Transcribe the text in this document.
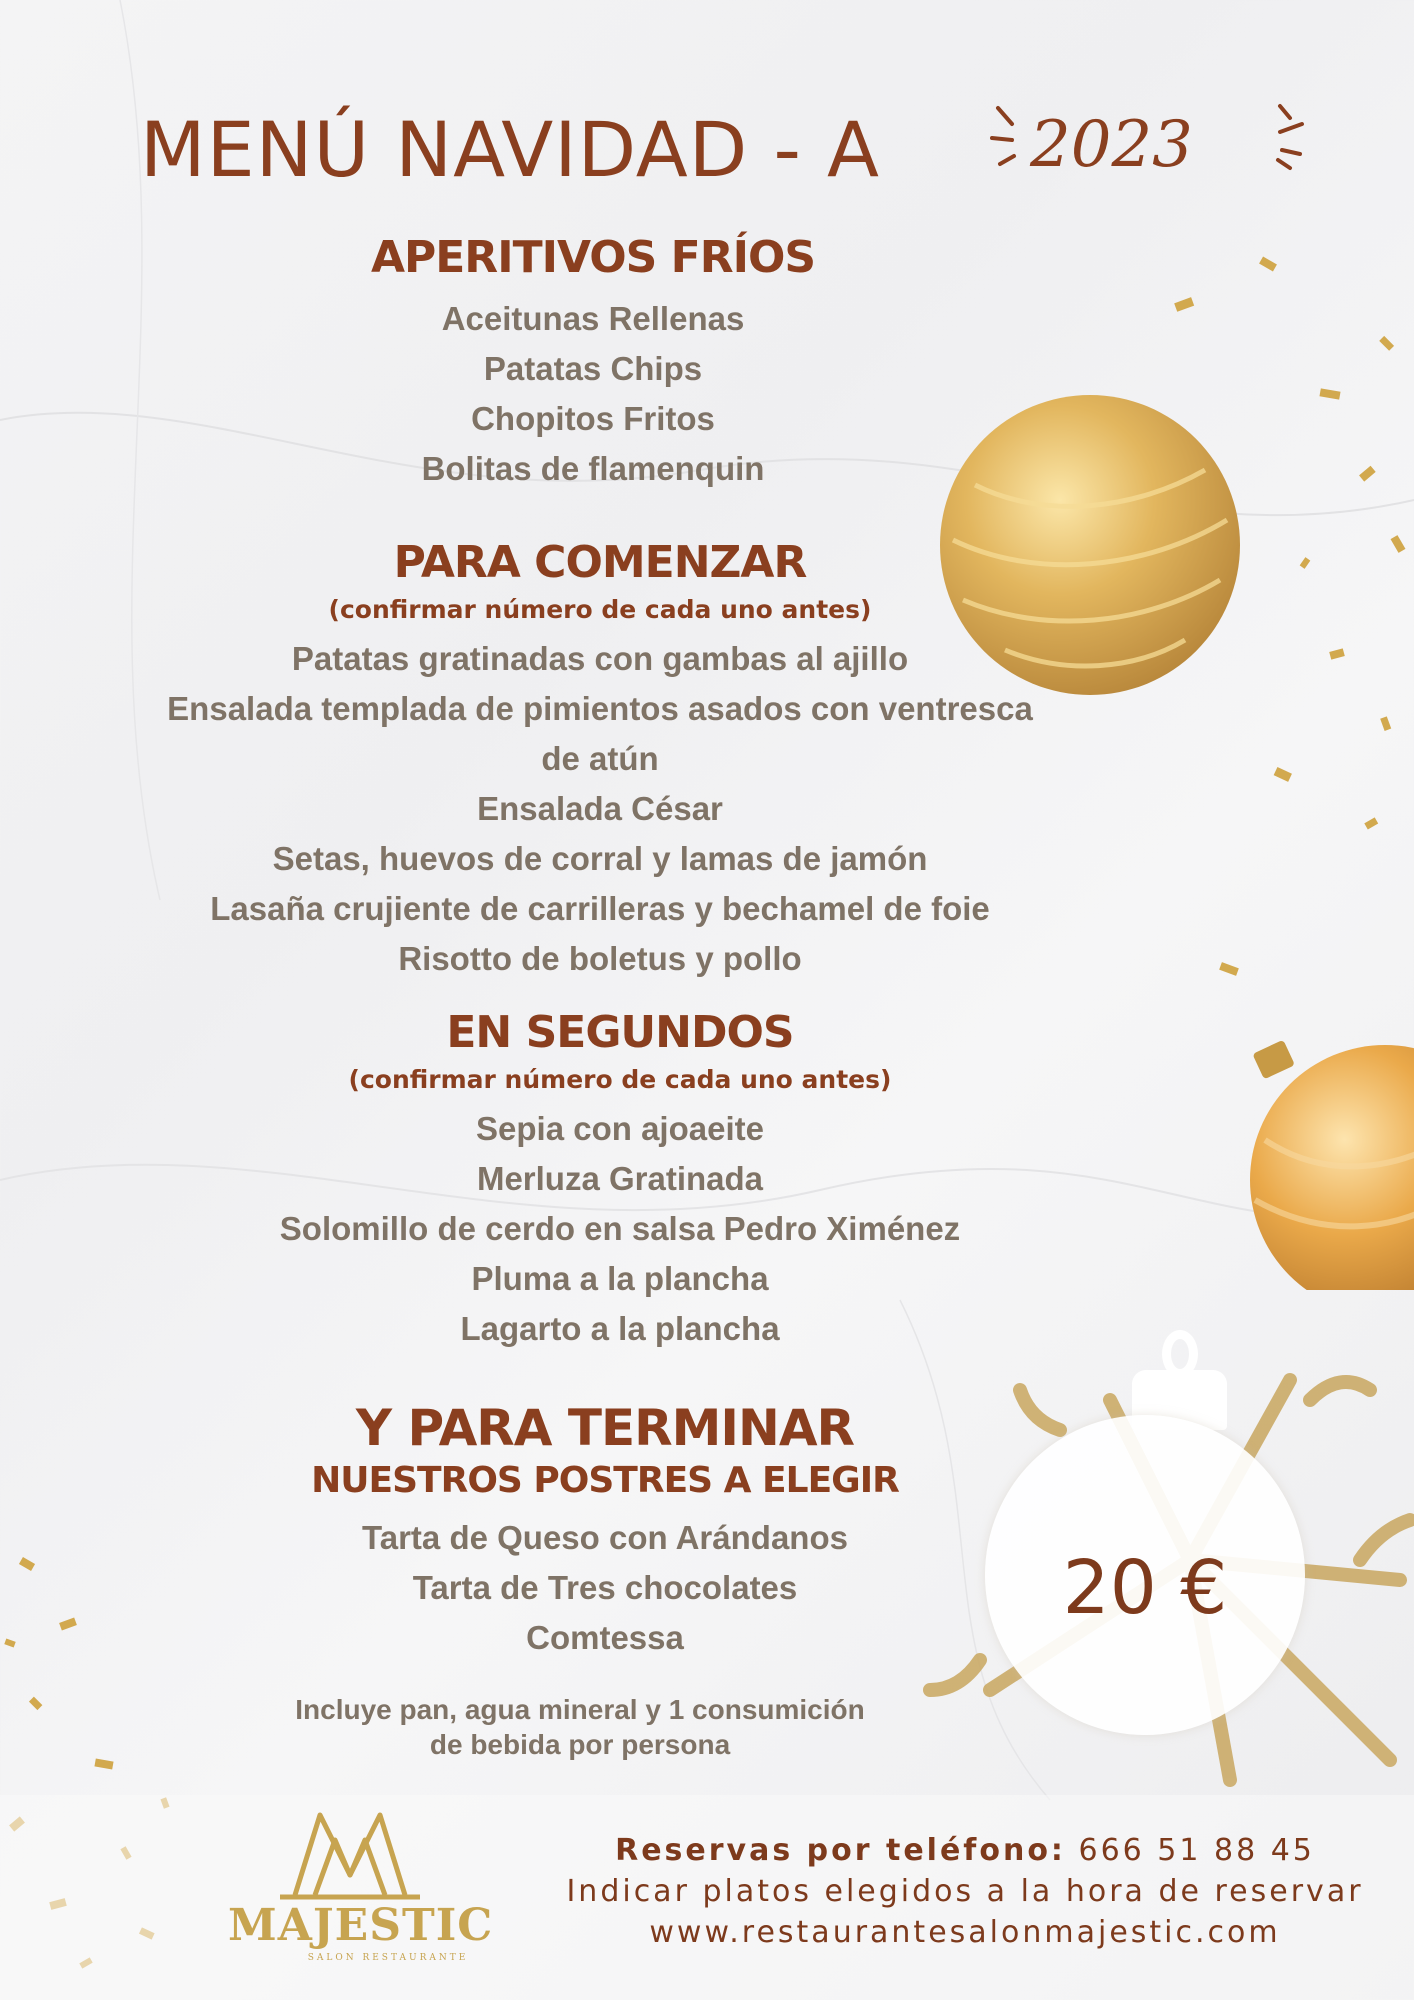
MENÚ NAVIDAD - A 2023
APERITIVOS FRÍOS
Aceitunas Rellenas
Patatas Chips
Chopitos Fritos
Bolitas de flamenquin
PARA COMENZAR
(confirmar número de cada uno antes)
Patatas gratinadas con gambas al ajillo
Ensalada templada de pimientos asados con ventresca
de atún
Ensalada César
Setas, huevos de corral y lamas de jamón
Lasaña crujiente de carrilleras y bechamel de foie
Risotto de boletus y pollo
EN SEGUNDOS
(confirmar número de cada uno antes)
Sepia con ajoaeite
Merluza Gratinada
Solomillo de cerdo en salsa Pedro Ximénez
Pluma a la plancha
Lagarto a la plancha
Y PARA TERMINAR
NUESTROS POSTRES A ELEGIR
Tarta de Queso con Arándanos
Tarta de Tres chocolates
Comtessa
Incluye pan, agua mineral y 1 consumición
de bebida por persona
20 €
MAJESTIC
SALON RESTAURANTE
Reservas por teléfono: 666 51 88 45
Indicar platos elegidos a la hora de reservar
www.restaurantesalonmajestic.com
